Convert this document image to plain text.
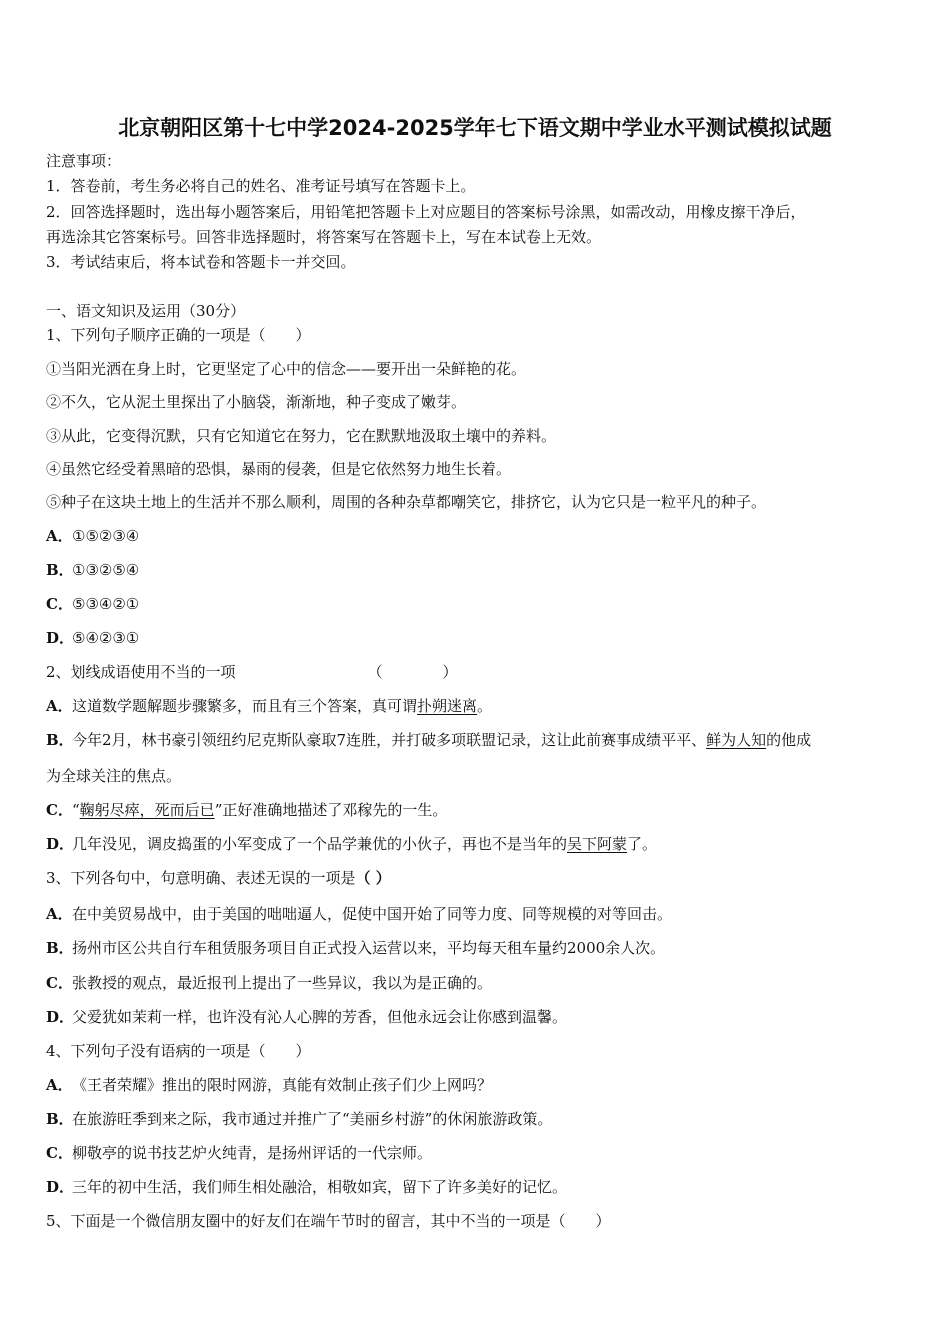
北京朝阳区第十七中学2024-2025学年七下语文期中学业水平测试模拟试题
注意事项：
1．答卷前，考生务必将自己的姓名、准考证号填写在答题卡上。
2．回答选择题时，选出每小题答案后，用铅笔把答题卡上对应题目的答案标号涂黑，如需改动，用橡皮擦干净后，
再选涂其它答案标号。回答非选择题时，将答案写在答题卡上，写在本试卷上无效。
3．考试结束后，将本试卷和答题卡一并交回。
一、语文知识及运用（30分）
1、下列句子顺序正确的一项是（　　）
①当阳光洒在身上时，它更坚定了心中的信念——要开出一朵鲜艳的花。
②不久，它从泥土里探出了小脑袋，渐渐地，种子变成了嫩芽。
③从此，它变得沉默，只有它知道它在努力，它在默默地汲取土壤中的养料。
④虽然它经受着黑暗的恐惧，暴雨的侵袭，但是它依然努力地生长着。
⑤种子在这块土地上的生活并不那么顺利，周围的各种杂草都嘲笑它，排挤它，认为它只是一粒平凡的种子。
A．①⑤②③④
B．①③②⑤④
C．⑤③④②①
D．⑤④②③①
2、划线成语使用不当的一项	（　　　　）
A．这道数学题解题步骤繁多，而且有三个答案，真可谓扑朔迷离。
B．今年2月，林书豪引领纽约尼克斯队豪取7连胜，并打破多项联盟记录，这让此前赛事成绩平平、鲜为人知的他成
为全球关注的焦点。
C．“鞠躬尽瘁，死而后已”正好准确地描述了邓稼先的一生。
D．几年没见，调皮捣蛋的小军变成了一个品学兼优的小伙子，再也不是当年的吴下阿蒙了。
3、下列各句中，句意明确、表述无误的一项是（ ）
A．在中美贸易战中，由于美国的咄咄逼人，促使中国开始了同等力度、同等规模的对等回击。
B．扬州市区公共自行车租赁服务项目自正式投入运营以来，平均每天租车量约2000余人次。
C．张教授的观点，最近报刊上提出了一些异议，我以为是正确的。
D．父爱犹如茉莉一样，也许没有沁人心脾的芳香，但他永远会让你感到温馨。
4、下列句子没有语病的一项是（　　）
A．《王者荣耀》推出的限时网游，真能有效制止孩子们少上网吗？
B．在旅游旺季到来之际，我市通过并推广了“美丽乡村游”的休闲旅游政策。
C．柳敬亭的说书技艺炉火纯青，是扬州评话的一代宗师。
D．三年的初中生活，我们师生相处融洽，相敬如宾，留下了许多美好的记忆。
5、下面是一个微信朋友圈中的好友们在端午节时的留言，其中不当的一项是（　　）
